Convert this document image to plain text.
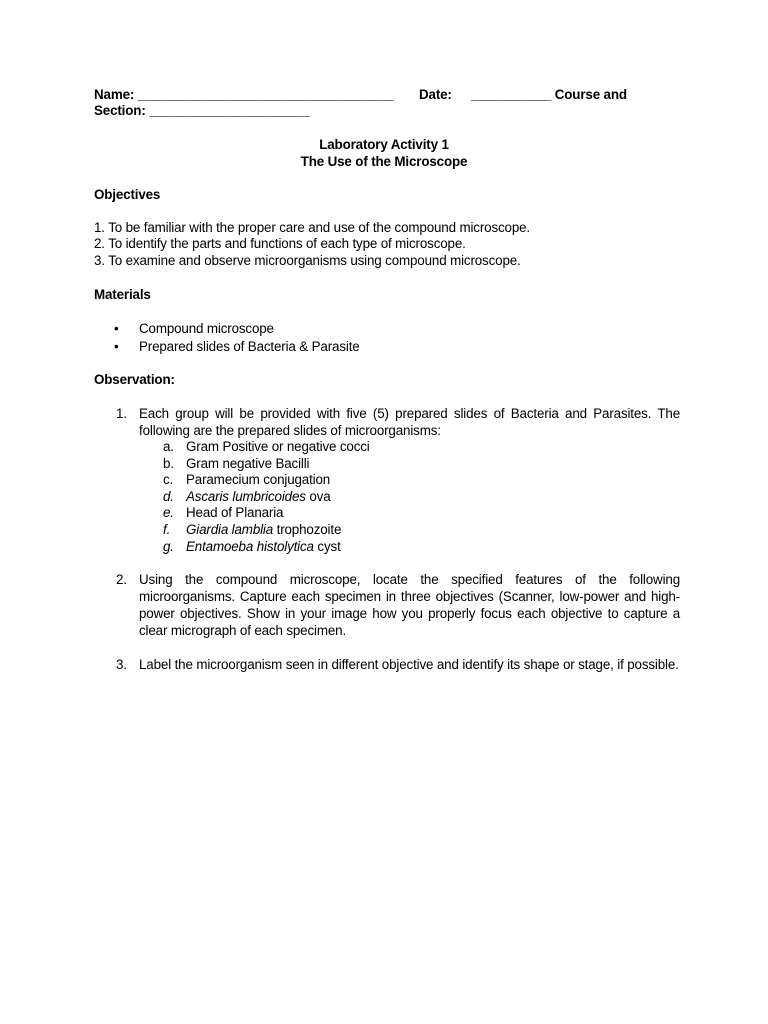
Name: ___________________________________ Date: ___________ Course and
Section: ______________________
Laboratory Activity 1
The Use of the Microscope
Objectives
1. To be familiar with the proper care and use of the compound microscope.
2. To identify the parts and functions of each type of microscope.
3. To examine and observe microorganisms using compound microscope.
Materials
• Compound microscope
• Prepared slides of Bacteria & Parasite
Observation:
1. Each group will be provided with five (5) prepared slides of Bacteria and Parasites. The following are the prepared slides of microorganisms:
a. Gram Positive or negative cocci
b. Gram negative Bacilli
c. Paramecium conjugation
d. Ascaris lumbricoides ova
e. Head of Planaria
f. Giardia lamblia trophozoite
g. Entamoeba histolytica cyst
2. Using the compound microscope, locate the specified features of the following microorganisms. Capture each specimen in three objectives (Scanner, low-power and high-power objectives. Show in your image how you properly focus each objective to capture a clear micrograph of each specimen.
3. Label the microorganism seen in different objective and identify its shape or stage, if possible.
